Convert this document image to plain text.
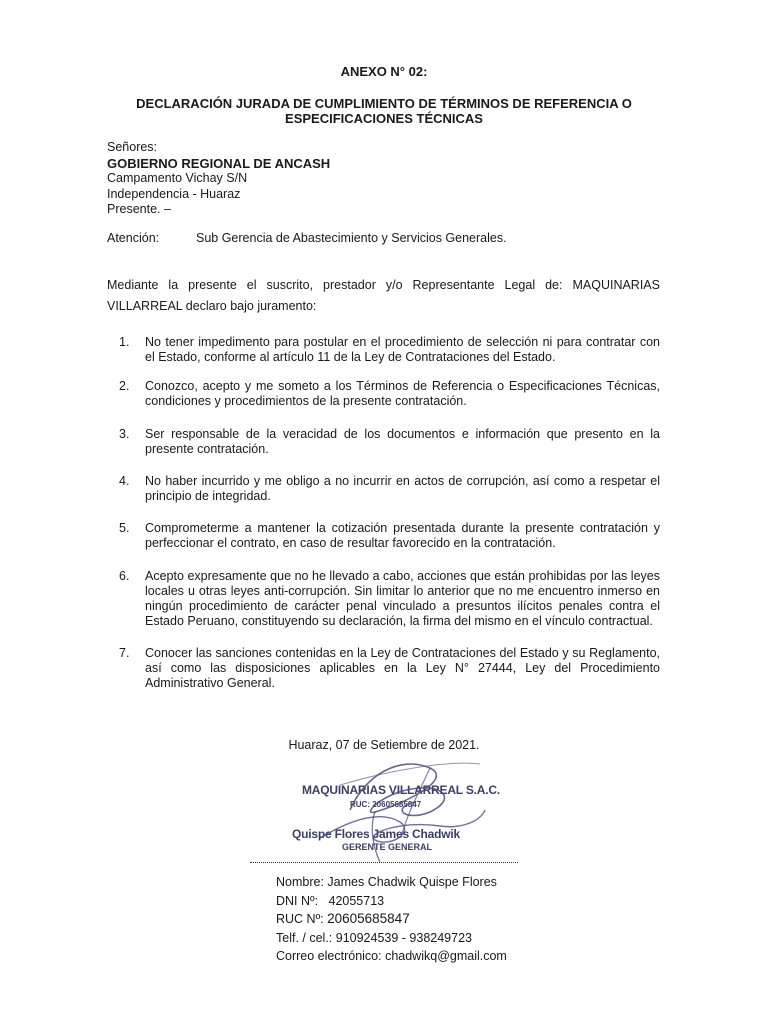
ANEXO N° 02:
DECLARACIÓN JURADA DE CUMPLIMIENTO DE TÉRMINOS DE REFERENCIA O ESPECIFICACIONES TÉCNICAS
Señores:
GOBIERNO REGIONAL DE ANCASH
Campamento Vichay S/N
Independencia - Huaraz
Presente. –
Atención:	Sub Gerencia de Abastecimiento y Servicios Generales.
Mediante la presente el suscrito, prestador y/o Representante Legal de: MAQUINARIAS VILLARREAL declaro bajo juramento:
1.	No tener impedimento para postular en el procedimiento de selección ni para contratar con el Estado, conforme al artículo 11 de la Ley de Contrataciones del Estado.
2.	Conozco, acepto y me someto a los Términos de Referencia o Especificaciones Técnicas, condiciones y procedimientos de la presente contratación.
3.	Ser responsable de la veracidad de los documentos e información que presento en la presente contratación.
4.	No haber incurrido y me obligo a no incurrir en actos de corrupción, así como a respetar el principio de integridad.
5.	Comprometerme a mantener la cotización presentada durante la presente contratación y perfeccionar el contrato, en caso de resultar favorecido en la contratación.
6.	Acepto expresamente que no he llevado a cabo, acciones que están prohibidas por las leyes locales u otras leyes anti-corrupción. Sin limitar lo anterior que no me encuentro inmerso en ningún procedimiento de carácter penal vinculado a presuntos ilícitos penales contra el Estado Peruano, constituyendo su declaración, la firma del mismo en el vínculo contractual.
7.	Conocer las sanciones contenidas en la Ley de Contrataciones del Estado y su Reglamento, así como las disposiciones aplicables en la Ley N° 27444, Ley del Procedimiento Administrativo General.
Huaraz, 07 de Setiembre de 2021.
MAQUINARIAS VILLARREAL S.A.C.
RUC: 20605685847
Quispe Flores James Chadwik
GERENTE GENERAL
Nombre: James Chadwik Quispe Flores
DNI Nº: 42055713
RUC Nº: 20605685847
Telf. / cel.: 910924539 - 938249723
Correo electrónico: chadwikq@gmail.com
